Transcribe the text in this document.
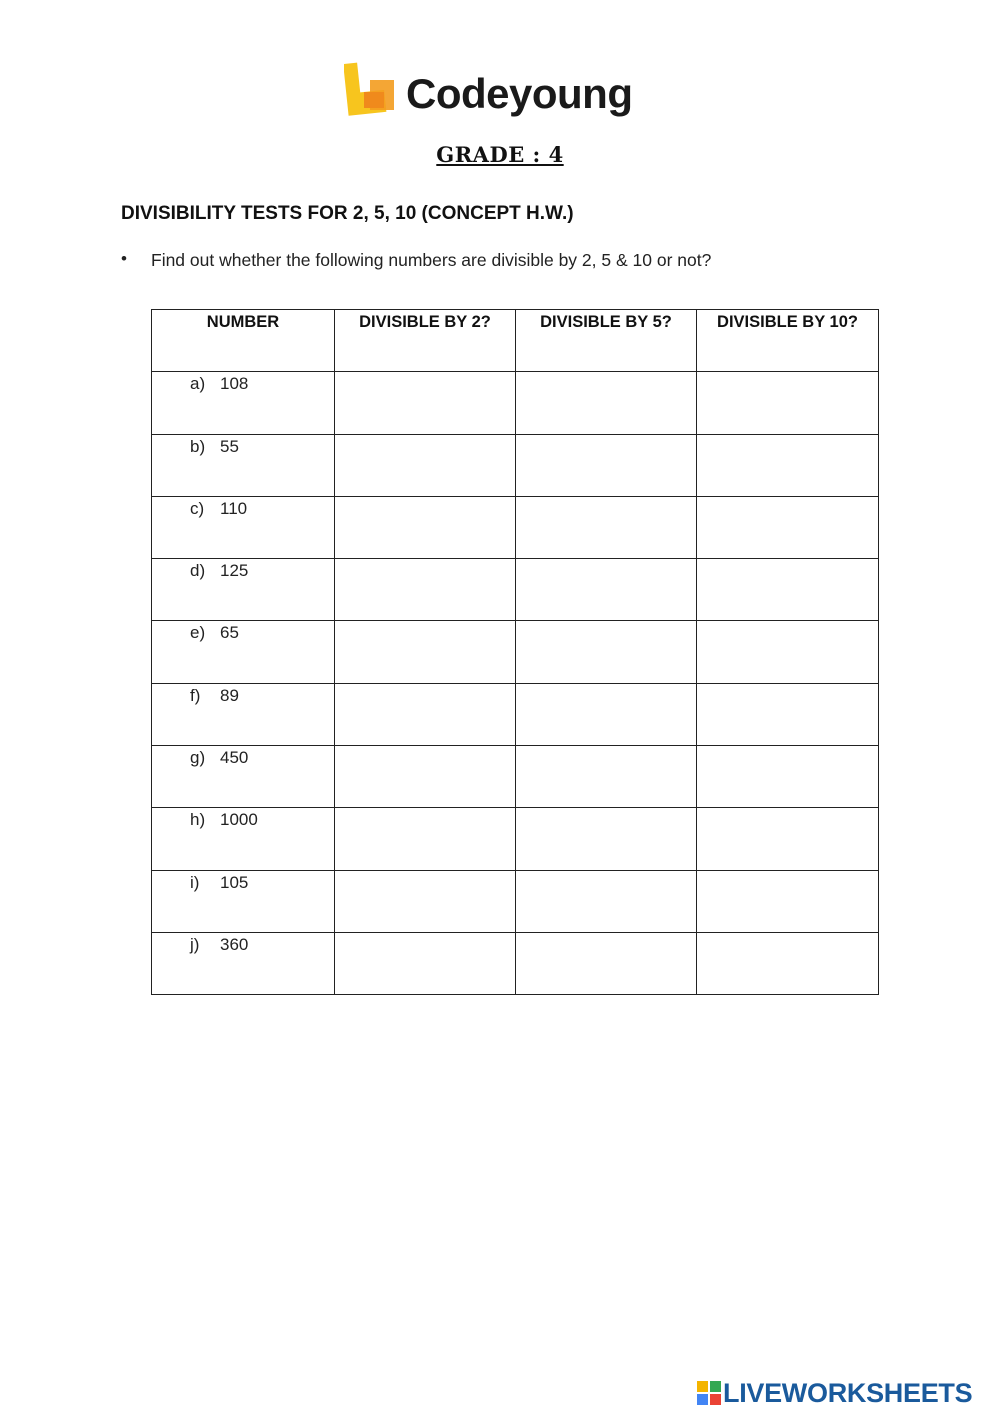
Codeyoung
GRADE : 4
DIVISIBILITY TESTS FOR 2, 5, 10 (CONCEPT H.W.)
• Find out whether the following numbers are divisible by 2, 5 & 10 or not?
NUMBER	DIVISIBLE BY 2?	DIVISIBLE BY 5?	DIVISIBLE BY 10?
a) 108			
b) 55			
c) 110			
d) 125			
e) 65			
f) 89			
g) 450			
h) 1000			
i) 105			
j) 360			
LIVEWORKSHEETS
